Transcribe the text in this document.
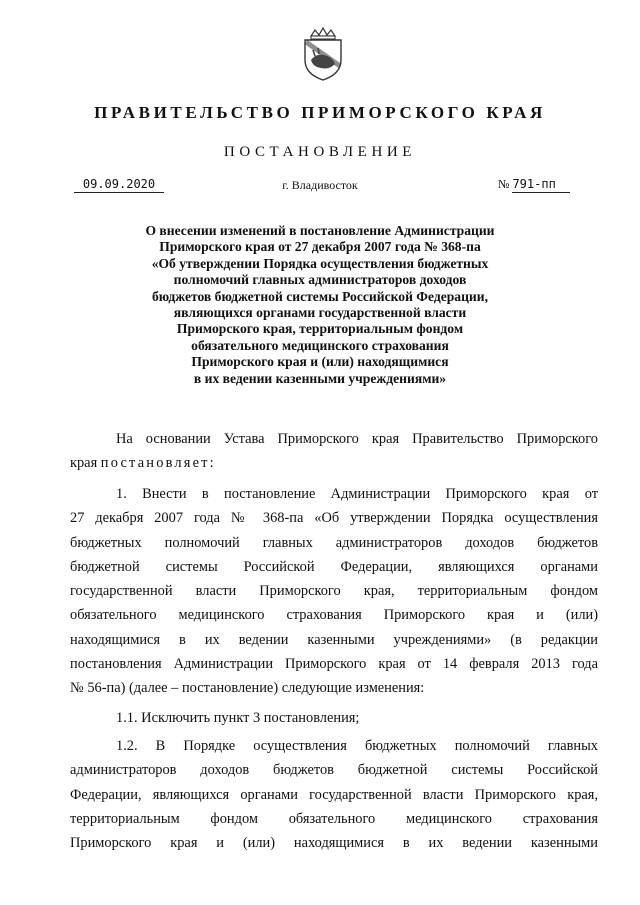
ПРАВИТЕЛЬСТВО ПРИМОРСКОГО КРАЯ
ПОСТАНОВЛЕНИЕ
09.09.2020	г. Владивосток	№ 791-пп
О внесении изменений в постановление Администрации
Приморского края от 27 декабря 2007 года № 368-па
«Об утверждении Порядка осуществления бюджетных
полномочий главных администраторов доходов
бюджетов бюджетной системы Российской Федерации,
являющихся органами государственной власти
Приморского края, территориальным фондом
обязательного медицинского страхования
Приморского края и (или) находящимися
в их ведении казенными учреждениями»
На основании Устава Приморского края Правительство Приморского
края постановляет:
1. Внести в постановление Администрации Приморского края от
27 декабря 2007 года № 368-па «Об утверждении Порядка осуществления
бюджетных полномочий главных администраторов доходов бюджетов
бюджетной системы Российской Федерации, являющихся органами
государственной власти Приморского края, территориальным фондом
обязательного медицинского страхования Приморского края и (или)
находящимися в их ведении казенными учреждениями» (в редакции
постановления Администрации Приморского края от 14 февраля 2013 года
№ 56-па) (далее – постановление) следующие изменения:
1.1. Исключить пункт 3 постановления;
1.2. В Порядке осуществления бюджетных полномочий главных
администраторов доходов бюджетов бюджетной системы Российской
Федерации, являющихся органами государственной власти Приморского края,
территориальным фондом обязательного медицинского страхования
Приморского края и (или) находящимися в их ведении казенными
